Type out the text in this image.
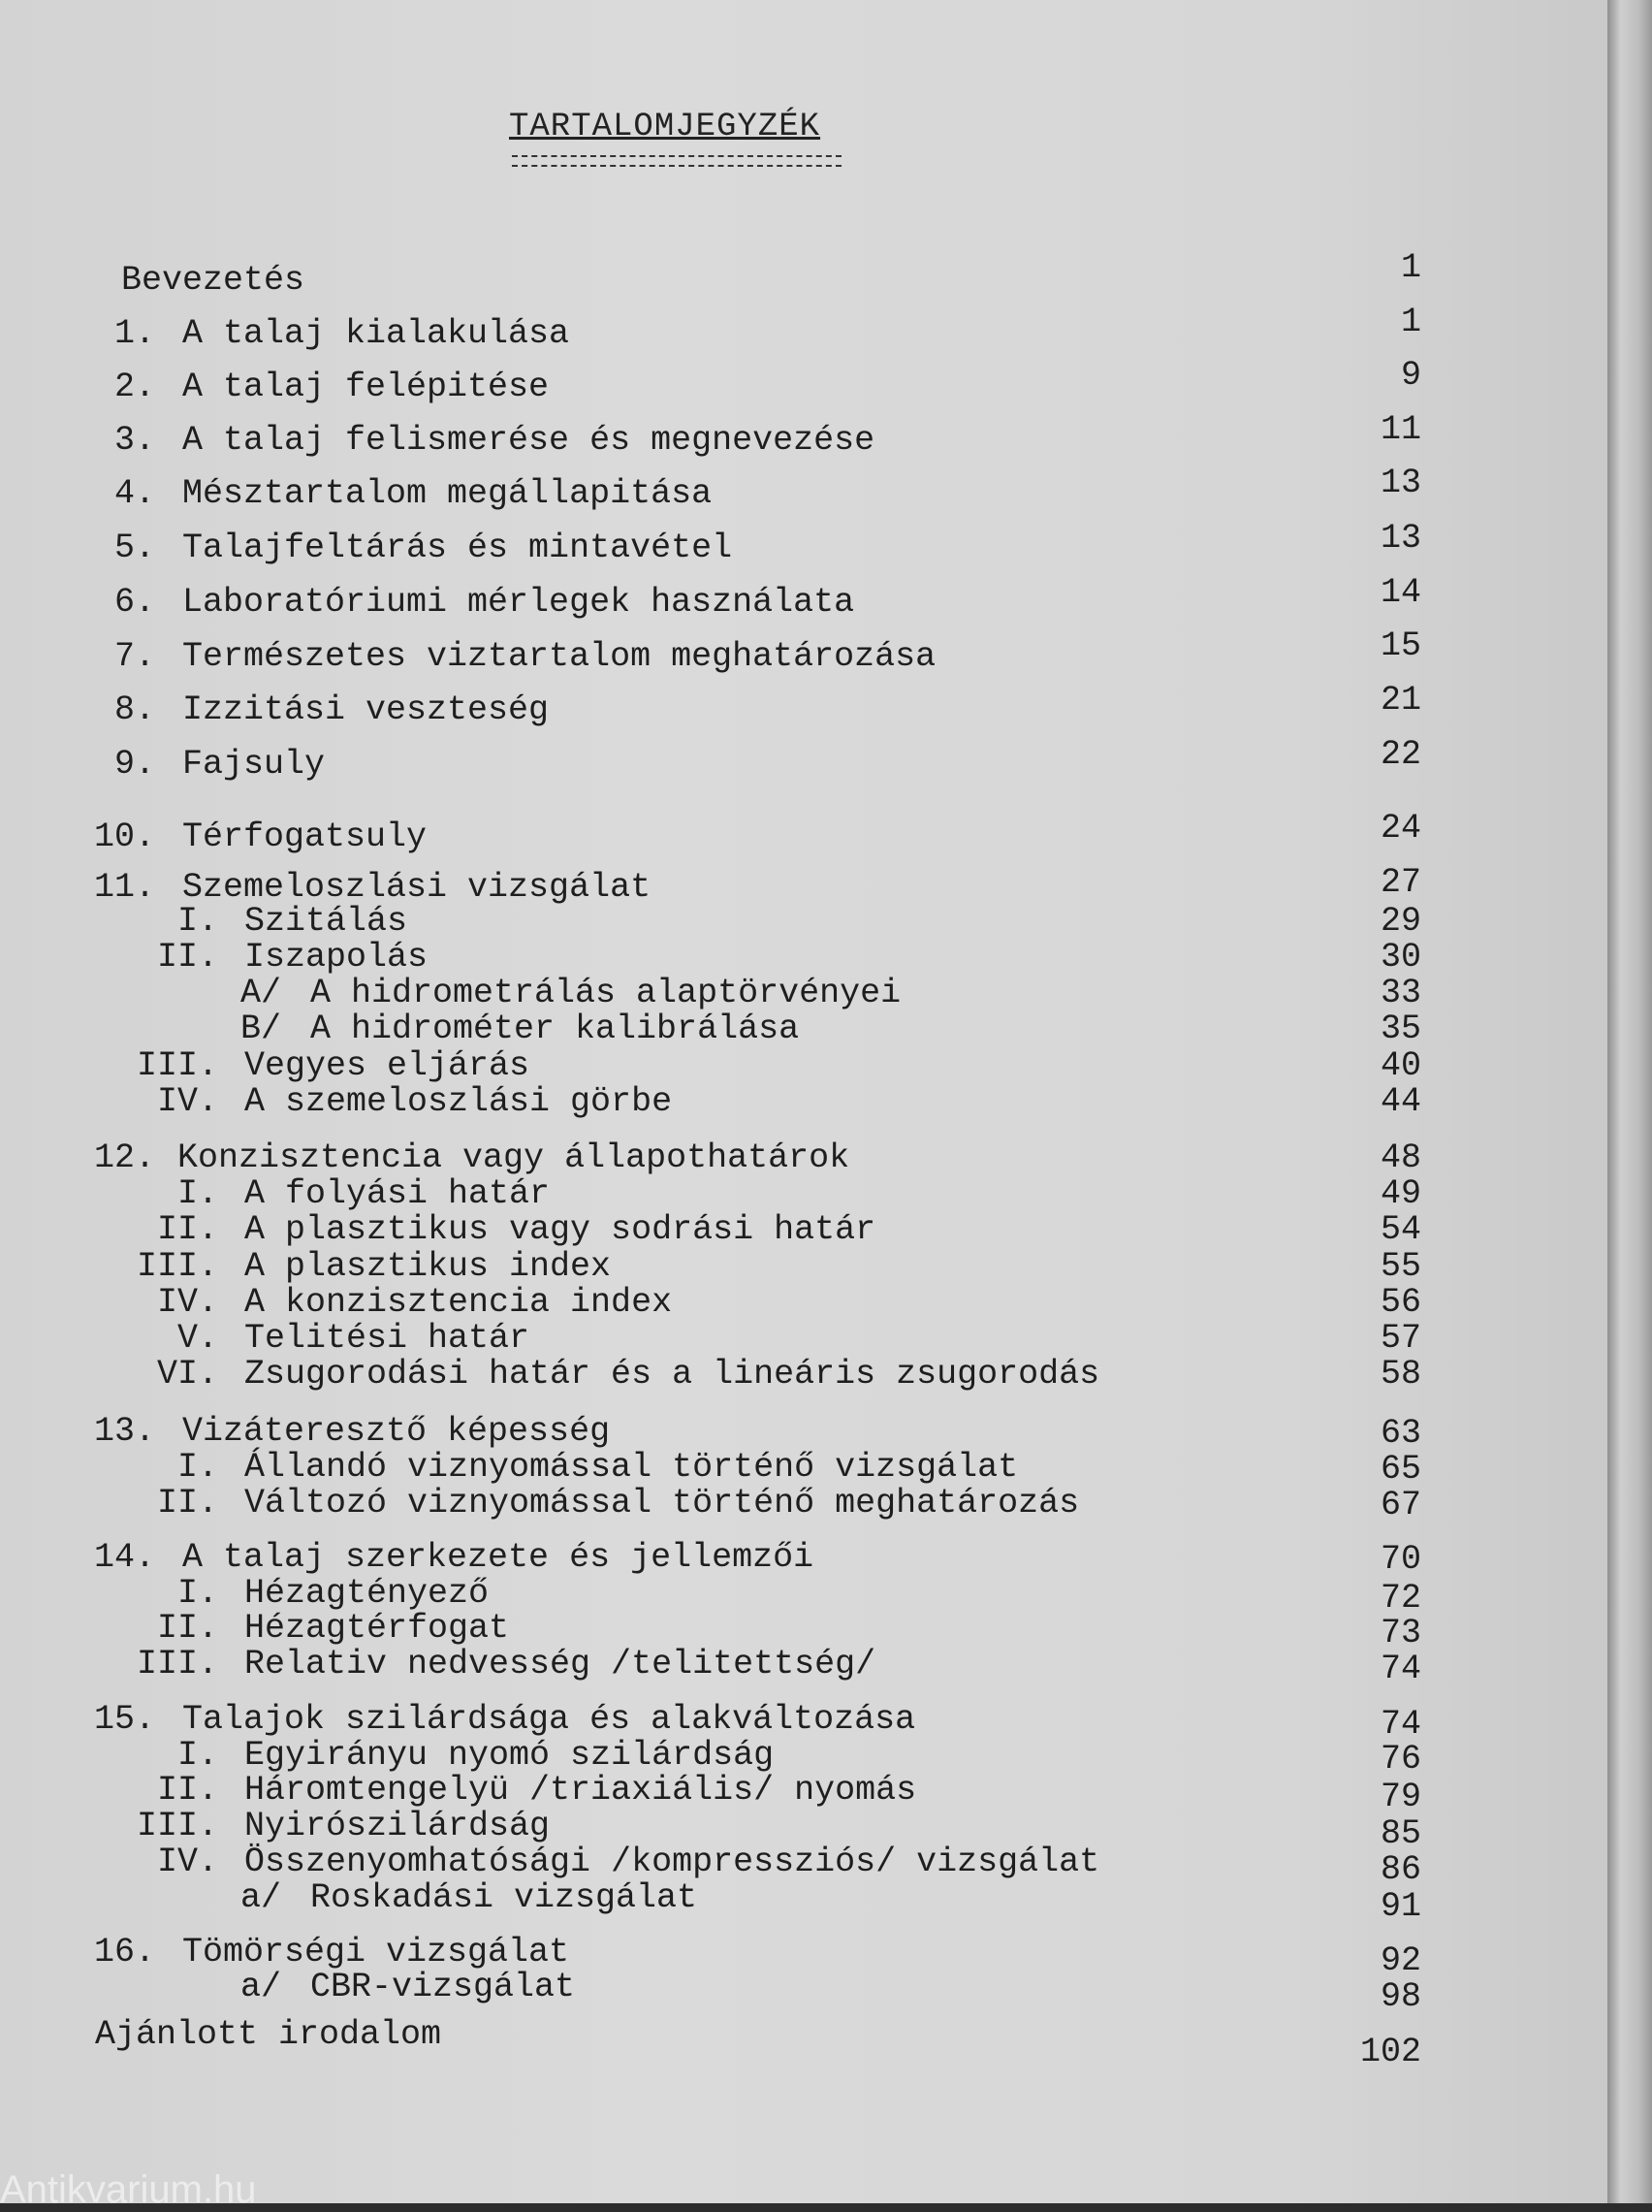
TARTALOMJEGYZÉK
Bevezetés	1
1. A talaj kialakulása	1
2. A talaj felépitése	9
3. A talaj felismerése és megnevezése	11
4. Mésztartalom megállapitása	13
5. Talajfeltárás és mintavétel	13
6. Laboratóriumi mérlegek használata	14
7. Természetes viztartalom meghatározása	15
8. Izzitási veszteség	21
9. Fajsuly	22
10. Térfogatsuly	24
11. Szemeloszlási vizsgálat	27
I. Szitálás	29
II. Iszapolás	30
A/ A hidrometrálás alaptörvényei	33
B/ A hidrométer kalibrálása	35
III. Vegyes eljárás	40
IV. A szemeloszlási görbe	44
12. Konzisztencia vagy állapothatárok	48
I. A folyási határ	49
II. A plasztikus vagy sodrási határ	54
III. A plasztikus index	55
IV. A konzisztencia index	56
V. Telitési határ	57
VI. Zsugorodási határ és a lineáris zsugorodás	58
13. Vizáteresztő képesség	63
I. Állandó viznyomással történő vizsgálat	65
II. Változó viznyomással történő meghatározás	67
14. A talaj szerkezete és jellemzői	70
I. Hézagtényező	72
II. Hézagtérfogat	73
III. Relativ nedvesség /telitettség/	74
15. Talajok szilárdsága és alakváltozása	74
I. Egyirányu nyomó szilárdság	76
II. Háromtengelyü /triaxiális/ nyomás	79
III. Nyirószilárdság	85
IV. Összenyomhatósági /kompressziós/ vizsgálat	86
a/ Roskadási vizsgálat	91
16. Tömörségi vizsgálat	92
a/ CBR-vizsgálat	98
Ajánlott irodalom	102
Antikvarium.hu
